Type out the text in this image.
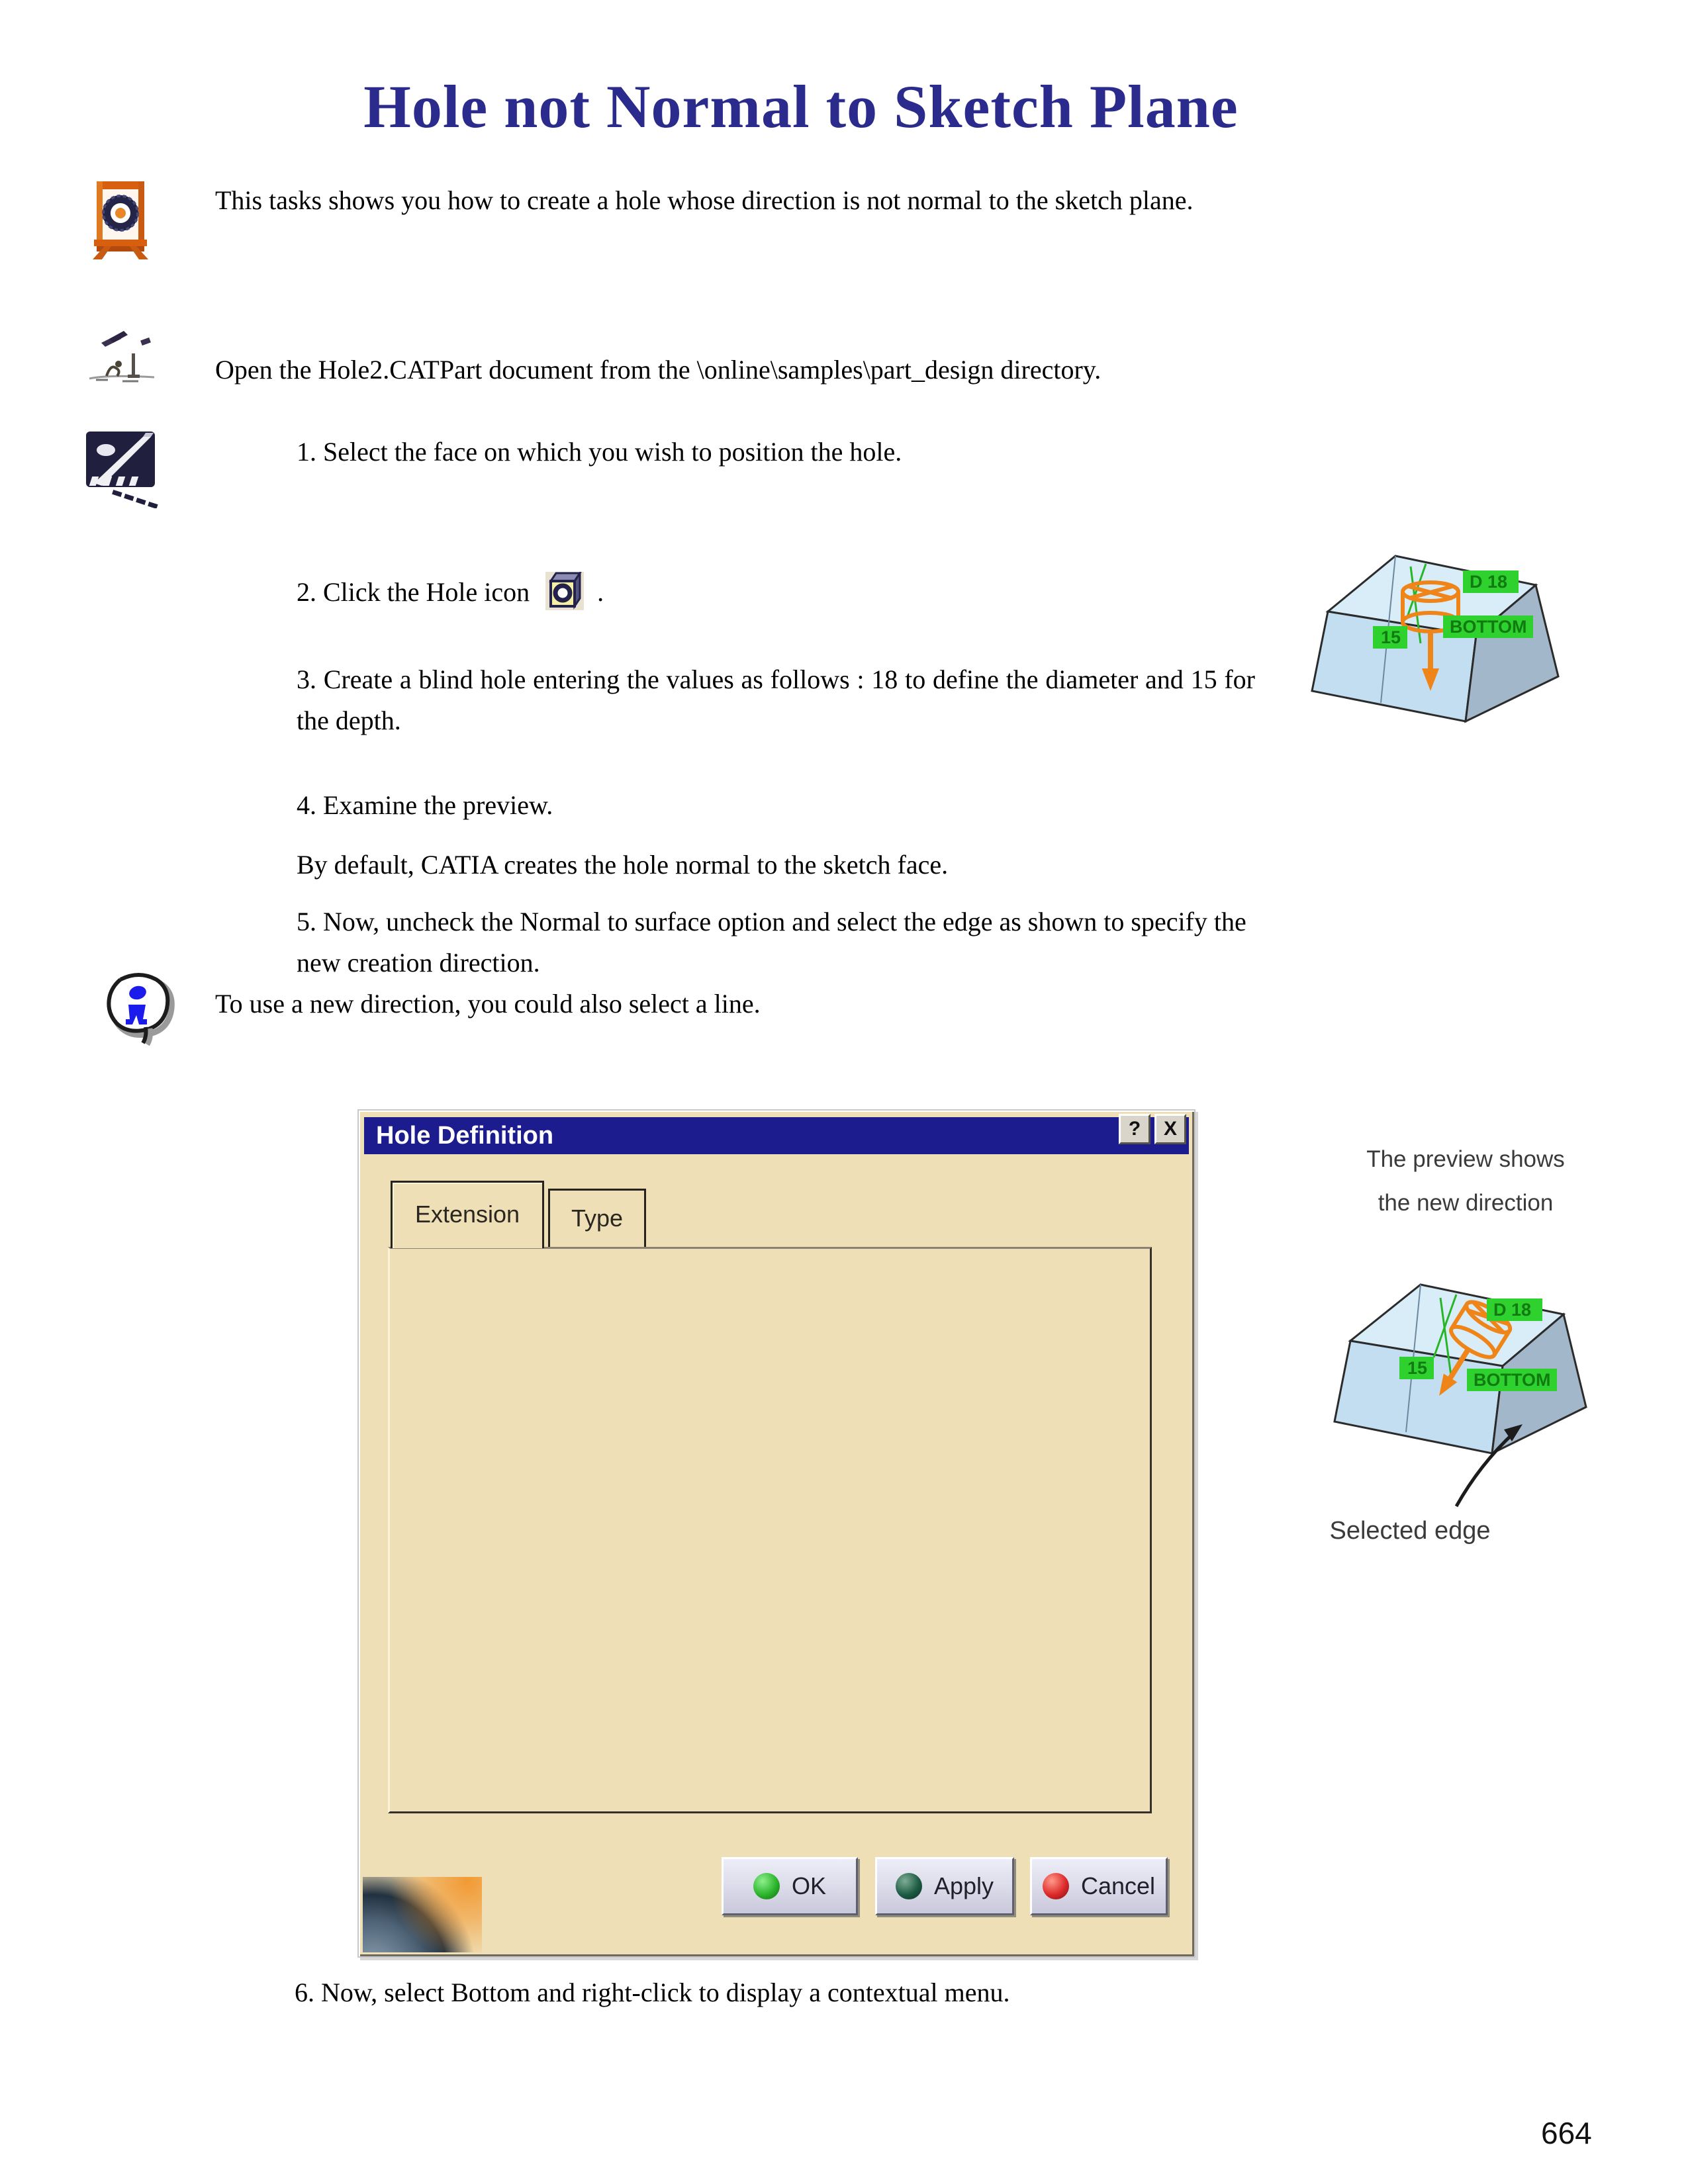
Hole not Normal to Sketch Plane
This tasks shows you how to create a hole whose direction is not normal to the sketch plane.
Open the Hole2.CATPart document from the \online\samples\part_design directory.
1. Select the face on which you wish to position the hole.
2. Click the Hole icon	.
3. Create a blind hole entering the values as follows : 18 to define the diameter and 15 for the depth.
4. Examine the preview.
By default, CATIA creates the hole normal to the sketch face.
5. Now, uncheck the Normal to surface option and select the edge as shown to specify the new creation direction.
To use a new direction, you could also select a line.
6. Now, select Bottom and right-click to display a contextual menu.
D 18
BOTTOM
15
Hole Definition	?	X
Extension	Type
OK	Apply	Cancel
The preview shows
the new direction
D 18
15
BOTTOM
Selected edge
664
